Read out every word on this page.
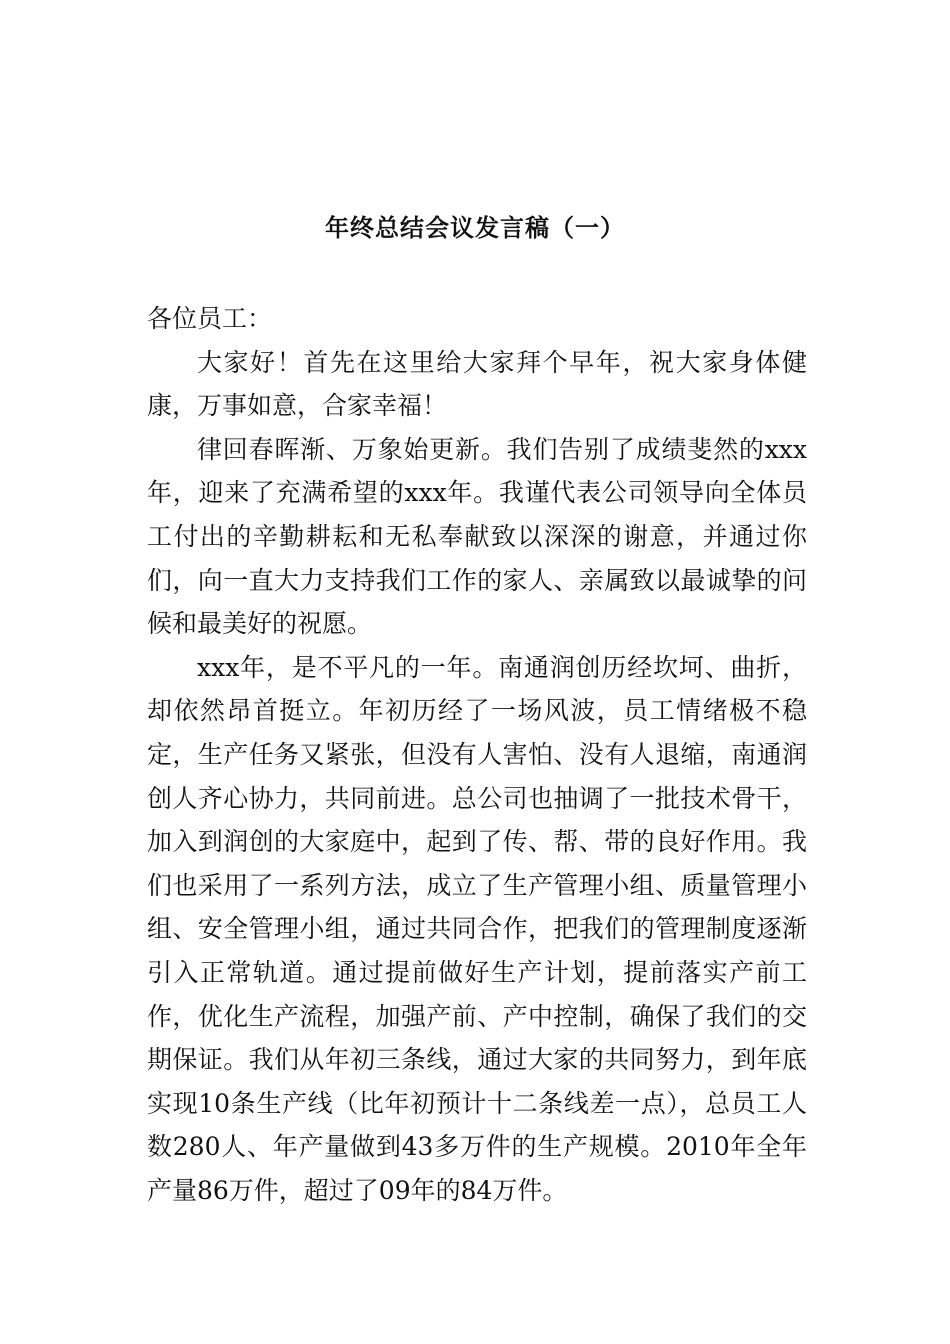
年终总结会议发言稿（一）

各位员工：

大家好！首先在这里给大家拜个早年，祝大家身体健康，万事如意，合家幸福！

律回春晖渐、万象始更新。我们告别了成绩斐然的xxx年，迎来了充满希望的xxx年。我谨代表公司领导向全体员工付出的辛勤耕耘和无私奉献致以深深的谢意，并通过你们，向一直大力支持我们工作的家人、亲属致以最诚挚的问候和最美好的祝愿。

xxx年，是不平凡的一年。南通润创历经坎坷、曲折，却依然昂首挺立。年初历经了一场风波，员工情绪极不稳定，生产任务又紧张，但没有人害怕、没有人退缩，南通润创人齐心协力，共同前进。总公司也抽调了一批技术骨干，加入到润创的大家庭中，起到了传、帮、带的良好作用。我们也采用了一系列方法，成立了生产管理小组、质量管理小组、安全管理小组，通过共同合作，把我们的管理制度逐渐引入正常轨道。通过提前做好生产计划，提前落实产前工作，优化生产流程，加强产前、产中控制，确保了我们的交期保证。我们从年初三条线，通过大家的共同努力，到年底实现10条生产线（比年初预计十二条线差一点），总员工人数280人、年产量做到43多万件的生产规模。2010年全年产量86万件，超过了09年的84万件。
